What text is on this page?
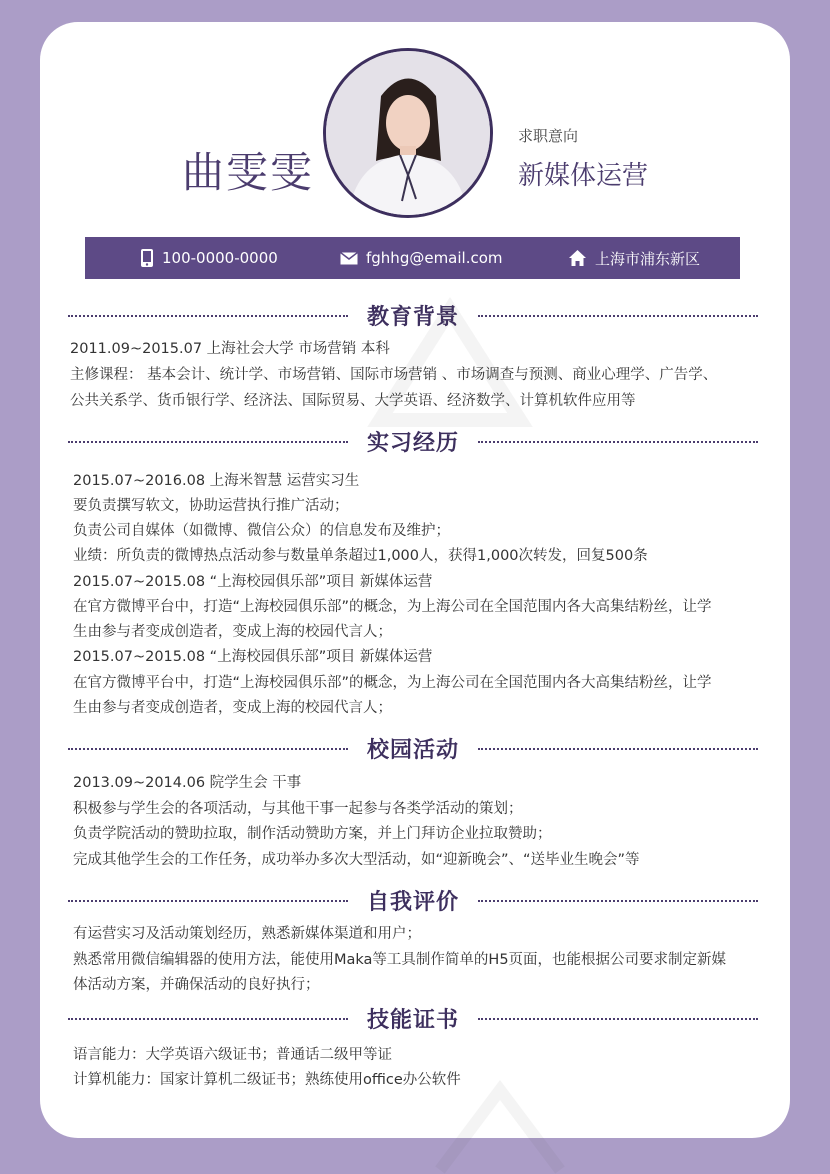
曲雯雯
求职意向
新媒体运营
100-0000-0000	fghhg@email.com	上海市浦东新区
教育背景
2011.09~2015.07 上海社会大学 市场营销 本科
主修课程： 基本会计、统计学、市场营销、国际市场营销 、市场调查与预测、商业心理学、广告学、
公共关系学、货币银行学、经济法、国际贸易、大学英语、经济数学、计算机软件应用等
实习经历
2015.07~2016.08 上海米智慧 运营实习生
要负责撰写软文，协助运营执行推广活动；
负责公司自媒体（如微博、微信公众）的信息发布及维护；
业绩：所负责的微博热点活动参与数量单条超过1,000人，获得1,000次转发，回复500条
2015.07~2015.08 “上海校园俱乐部”项目 新媒体运营
在官方微博平台中，打造“上海校园俱乐部”的概念，为上海公司在全国范围内各大高集结粉丝，让学
生由参与者变成创造者，变成上海的校园代言人；
2015.07~2015.08 “上海校园俱乐部”项目 新媒体运营
在官方微博平台中，打造“上海校园俱乐部”的概念，为上海公司在全国范围内各大高集结粉丝，让学
生由参与者变成创造者，变成上海的校园代言人；
校园活动
2013.09~2014.06 院学生会 干事
积极参与学生会的各项活动，与其他干事一起参与各类学活动的策划；
负责学院活动的赞助拉取，制作活动赞助方案，并上门拜访企业拉取赞助；
完成其他学生会的工作任务，成功举办多次大型活动，如“迎新晚会”、“送毕业生晚会”等
自我评价
有运营实习及活动策划经历，熟悉新媒体渠道和用户；
熟悉常用微信编辑器的使用方法，能使用Maka等工具制作简单的H5页面，也能根据公司要求制定新媒
体活动方案，并确保活动的良好执行；
技能证书
语言能力：大学英语六级证书；普通话二级甲等证
计算机能力：国家计算机二级证书；熟练使用office办公软件
